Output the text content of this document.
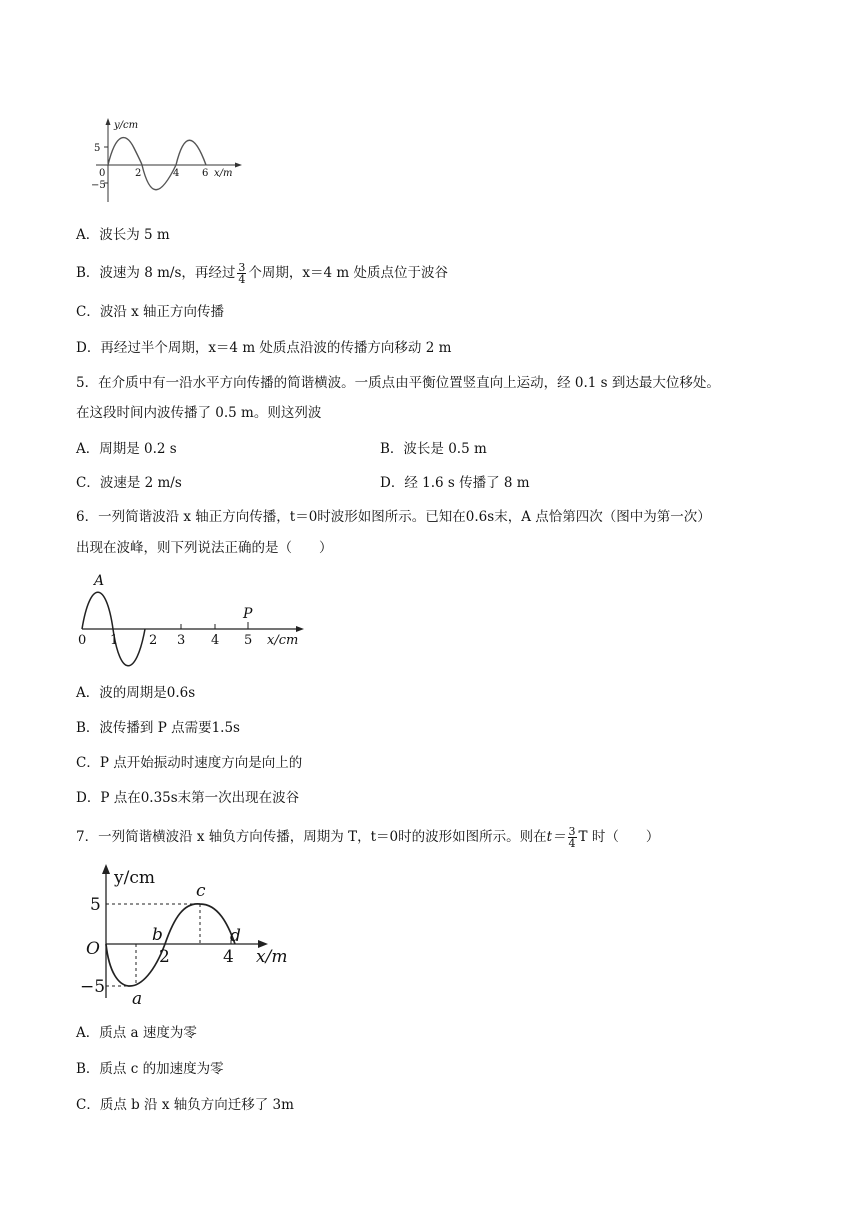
y/cm
5
−5
0	2	4 6 x/m
A．波长为 5 m
B．波速为 8 m/s，再经过 $\frac{3}{4}$ 个周期，x＝4 m 处质点位于波谷
C．波沿 x 轴正方向传播
D．再经过半个周期，x＝4 m 处质点沿波的传播方向移动 2 m
5．在介质中有一沿水平方向传播的简谐横波。一质点由平衡位置竖直向上运动，经 0.1 s 到达最大位移处。
在这段时间内波传播了 0.5 m。则这列波
A．周期是 0.2 s	B．波长是 0.5 m
C．波速是 2 m/s	D．经 1.6 s 传播了 8 m
6．一列简谐波沿 x 轴正方向传播，t＝0时波形如图所示。已知在0.6s末，A 点恰第四次（图中为第一次）
出现在波峰，则下列说法正确的是（　　）
A
P
0 1 2 3 4 5 x/cm
A．波的周期是0.6s
B．波传播到 P 点需要1.5s
C．P 点开始振动时速度方向是向上的
D．P 点在0.35s末第一次出现在波谷
7．一列简谐横波沿 x 轴负方向传播，周期为 T，t＝0时的波形如图所示。则在$t= \frac{3}{4}$ T 时（　　）
y/cm
5
−5
O	2	4 x/m
a
b
c
d
A．质点 a 速度为零
B．质点 c 的加速度为零
C．质点 b 沿 x 轴负方向迁移了 3m
